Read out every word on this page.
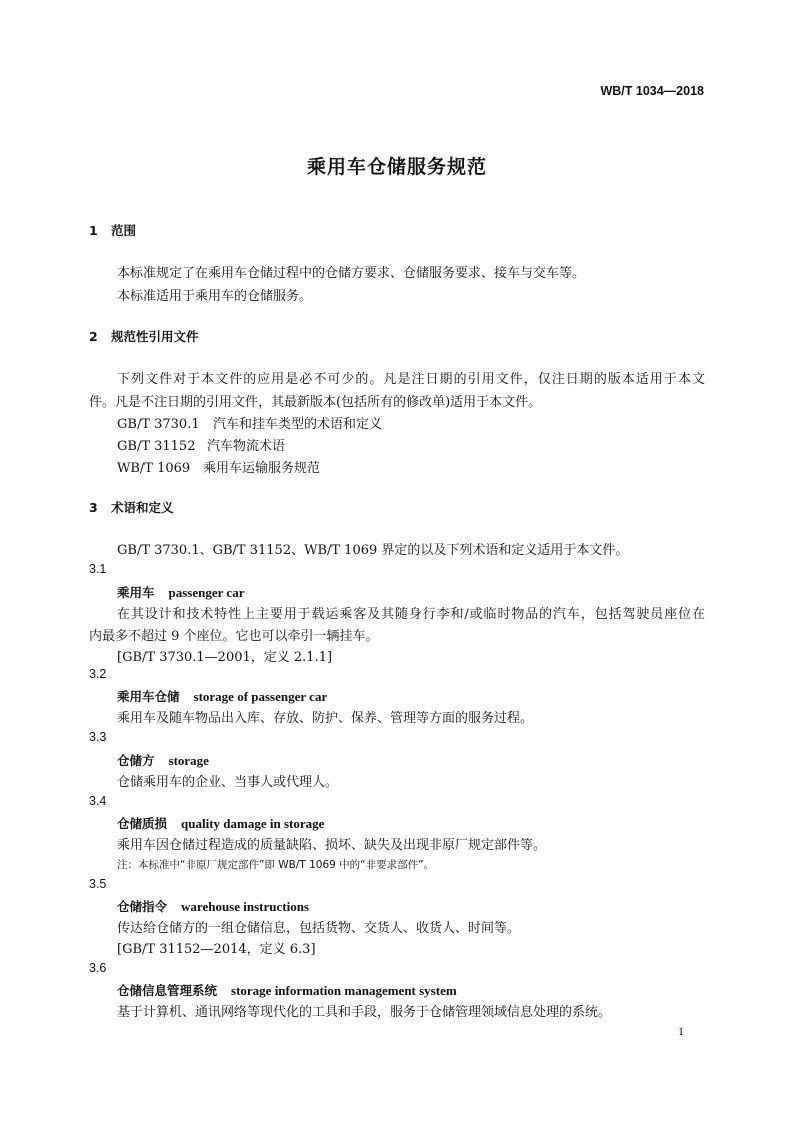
WB/T 1034—2018
乘用车仓储服务规范
1 范围
本标准规定了在乘用车仓储过程中的仓储方要求、仓储服务要求、接车与交车等。
本标准适用于乘用车的仓储服务。
2 规范性引用文件
下列文件对于本文件的应用是必不可少的。凡是注日期的引用文件，仅注日期的版本适用于本文
件。凡是不注日期的引用文件，其最新版本(包括所有的修改单)适用于本文件。
GB/T 3730.1 汽车和挂车类型的术语和定义
GB/T 31152 汽车物流术语
WB/T 1069 乘用车运输服务规范
3 术语和定义
GB/T 3730.1、GB/T 31152、WB/T 1069 界定的以及下列术语和定义适用于本文件。
3.1
乘用车 passenger car
在其设计和技术特性上主要用于载运乘客及其随身行李和/或临时物品的汽车，包括驾驶员座位在
内最多不超过 9 个座位。它也可以牵引一辆挂车。
[GB/T 3730.1—2001，定义 2.1.1]
3.2
乘用车仓储 storage of passenger car
乘用车及随车物品出入库、存放、防护、保养、管理等方面的服务过程。
3.3
仓储方 storage
仓储乘用车的企业、当事人或代理人。
3.4
仓储质损 quality damage in storage
乘用车因仓储过程造成的质量缺陷、损坏、缺失及出现非原厂规定部件等。
注：本标准中“非原厂规定部件”即 WB/T 1069 中的“非要求部件”。
3.5
仓储指令 warehouse instructions
传达给仓储方的一组仓储信息，包括货物、交货人、收货人、时间等。
[GB/T 31152—2014，定义 6.3]
3.6
仓储信息管理系统 storage information management system
基于计算机、通讯网络等现代化的工具和手段，服务于仓储管理领域信息处理的系统。
1
